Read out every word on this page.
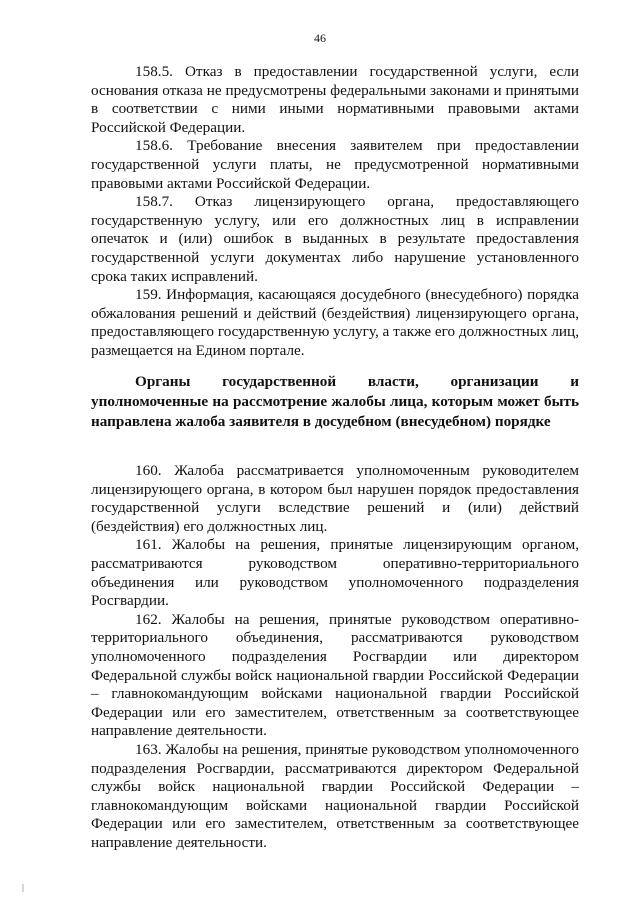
46

158.5. Отказ в предоставлении государственной услуги, если основания отказа не предусмотрены федеральными законами и принятыми в соответствии с ними иными нормативными правовыми актами Российской Федерации.

158.6. Требование внесения заявителем при предоставлении государственной услуги платы, не предусмотренной нормативными правовыми актами Российской Федерации.

158.7. Отказ лицензирующего органа, предоставляющего государственную услугу, или его должностных лиц в исправлении опечаток и (или) ошибок в выданных в результате предоставления государственной услуги документах либо нарушение установленного срока таких исправлений.

159. Информация, касающаяся досудебного (внесудебного) порядка обжалования решений и действий (бездействия) лицензирующего органа, предоставляющего государственную услугу, а также его должностных лиц, размещается на Едином портале.

Органы государственной власти, организации и уполномоченные на рассмотрение жалобы лица, которым может быть направлена жалоба заявителя в досудебном (внесудебном) порядке

160. Жалоба рассматривается уполномоченным руководителем лицензирующего органа, в котором был нарушен порядок предоставления государственной услуги вследствие решений и (или) действий (бездействия) его должностных лиц.

161. Жалобы на решения, принятые лицензирующим органом, рассматриваются руководством оперативно-территориального объединения или руководством уполномоченного подразделения Росгвардии.

162. Жалобы на решения, принятые руководством оперативно-территориального объединения, рассматриваются руководством уполномоченного подразделения Росгвардии или директором Федеральной службы войск национальной гвардии Российской Федерации – главнокомандующим войсками национальной гвардии Российской Федерации или его заместителем, ответственным за соответствующее направление деятельности.

163. Жалобы на решения, принятые руководством уполномоченного подразделения Росгвардии, рассматриваются директором Федеральной службы войск национальной гвардии Российской Федерации – главнокомандующим войсками национальной гвардии Российской Федерации или его заместителем, ответственным за соответствующее направление деятельности.
